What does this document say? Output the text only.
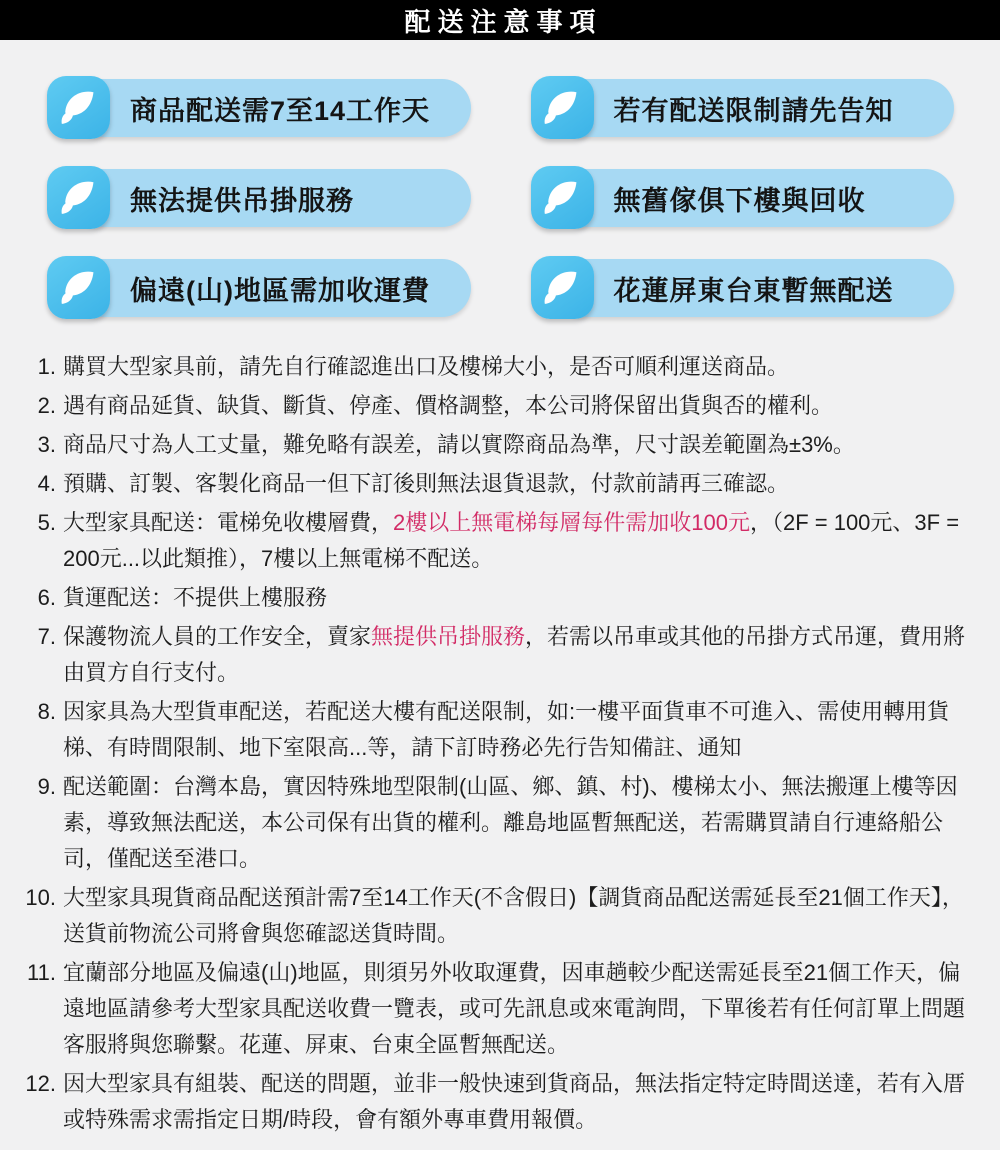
配送注意事項
商品配送需7至14工作天	若有配送限制請先告知
無法提供吊掛服務	無舊傢俱下樓與回收
偏遠(山)地區需加收運費	花蓮屏東台東暫無配送
1. 購買大型家具前，請先自行確認進出口及樓梯大小，是否可順利運送商品。
2. 遇有商品延貨、缺貨、斷貨、停產、價格調整，本公司將保留出貨與否的權利。
3. 商品尺寸為人工丈量，難免略有誤差，請以實際商品為準，尺寸誤差範圍為±3%。
4. 預購、訂製、客製化商品一但下訂後則無法退貨退款，付款前請再三確認。
5. 大型家具配送：電梯免收樓層費，2樓以上無電梯每層每件需加收100元，（2F = 100元、3F = 200元...以此類推），7樓以上無電梯不配送。
6. 貨運配送：不提供上樓服務
7. 保護物流人員的工作安全，賣家無提供吊掛服務，若需以吊車或其他的吊掛方式吊運，費用將由買方自行支付。
8. 因家具為大型貨車配送，若配送大樓有配送限制，如:一樓平面貨車不可進入、需使用轉用貨梯、有時間限制、地下室限高...等，請下訂時務必先行告知備註、通知
9. 配送範圍：台灣本島，實因特殊地型限制(山區、鄉、鎮、村)、樓梯太小、無法搬運上樓等因素，導致無法配送，本公司保有出貨的權利。離島地區暫無配送，若需購買請自行連絡船公司，僅配送至港口。
10. 大型家具現貨商品配送預計需7至14工作天(不含假日)【調貨商品配送需延長至21個工作天】，送貨前物流公司將會與您確認送貨時間。
11. 宜蘭部分地區及偏遠(山)地區，則須另外收取運費，因車趟較少配送需延長至21個工作天，偏遠地區請參考大型家具配送收費一覽表，或可先訊息或來電詢問，下單後若有任何訂單上問題客服將與您聯繫。花蓮、屏東、台東全區暫無配送。
12. 因大型家具有組裝、配送的問題，並非一般快速到貨商品，無法指定特定時間送達，若有入厝或特殊需求需指定日期/時段，會有額外專車費用報價。
